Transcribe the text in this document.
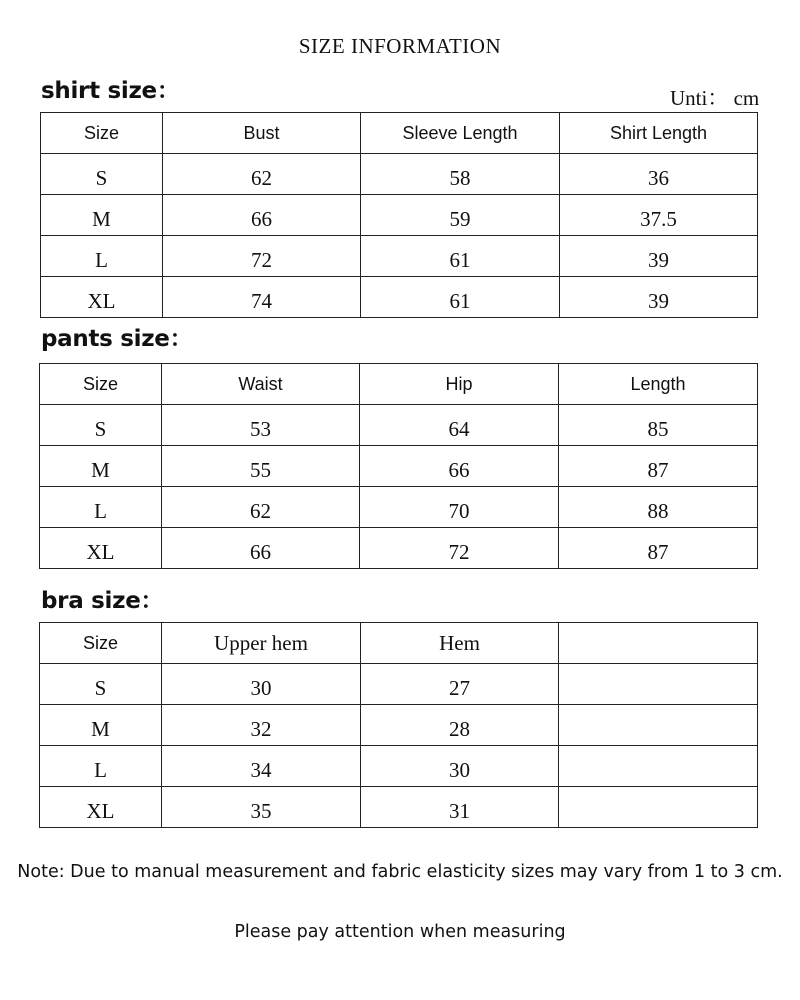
SIZE INFORMATION
shirt size：	Unti： cm
Size	Bust	Sleeve Length	Shirt Length
S	62	58	36
M	66	59	37.5
L	72	61	39
XL	74	61	39
pants size：
Size	Waist	Hip	Length
S	53	64	85
M	55	66	87
L	62	70	88
XL	66	72	87
bra size：
Size	Upper hem	Hem	
S	30	27	
M	32	28	
L	34	30	
XL	35	31	
Note: Due to manual measurement and fabric elasticity sizes may vary from 1 to 3 cm.
Please pay attention when measuring
